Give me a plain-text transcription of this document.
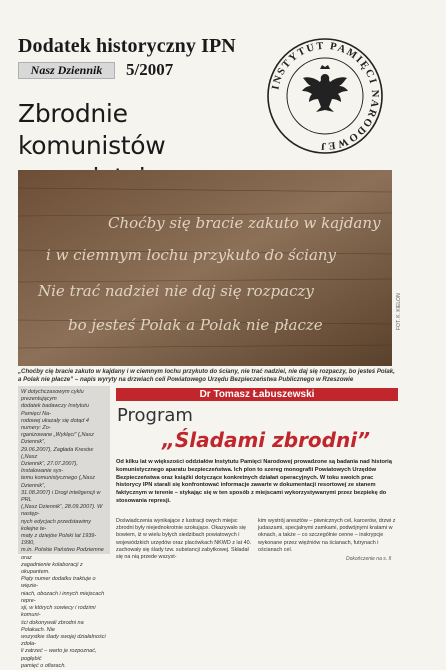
Dodatek historyczny IPN
Nasz Dziennik	5/2007
INSTYTUT PAMIĘCI NARODOWEJ
Zbrodnie komunistów
Choćby się bracie zakuto w kajdany
i w ciemnym lochu przykuto do ściany
Nie trać nadziei nie daj się rozpaczy
bo jesteś Polak a Polak nie płacze	FOT. K. KIELON
„Choćby cię bracie zakuto w kajdany i w ciemnym lochu przykuto do ściany, nie trać nadziei, nie daj się rozpaczy, bo jesteś Polak, a Polak nie płacze” – napis wyryty na drzwiach celi Powiatowego Urzędu Bezpieczeństwa Publicznego w Rzeszowie
W dotychczasowym cyklu prezentującym
dodatek badawczy Instytutu Pamięci Na-
rodowej ukazały się dotąd 4 numery: Zo-
rganizowane „Wyklęci” („Nasz Dziennik”,
29.06.2007), Zagłada Kresów („Nasz
Dziennik”, 27.07.2007), Instalowanie sys-
temu komunistycznego („Nasz Dziennik”,
31.08.2007) i Drogi inteligencji w PRL
(„Nasz Dziennik”, 28.09.2007). W następ-
nych edycjach przedstawimy kolejne te-
maty z dziejów Polski lat 1939-1990,
m.in. Polskie Państwo Podziemne oraz
zagadnienie kolaboracji z okupantem.
Piąty numer dodatku traktuje o więzie-
niach, obozach i innych miejscach repre-
sji, w których sowiecy i rodzimi komuni-
ści dokonywali zbrodni na Polakach. Nie
wszystkie ślady swojej działalności zdoła-
li zatrzeć – warto je rozpoznać, pogłębić
pamięć o ofiarach.
Dr Tomasz Łabuszewski
Program
„Śladami zbrodni”
Od kilku lat w większości oddziałów Instytutu Pamięci Narodowej prowadzone są badania nad historią komunistycznego aparatu bezpieczeństwa. Ich plon to szereg monografii Powiatowych Urzędów Bezpieczeństwa oraz książki dotyczące konkretnych działań operacyjnych. W toku swoich prac historycy IPN starali się konfrontować informacje zawarte w dokumentacji resortowej ze stanem faktycznym w terenie – stykając się w ten sposób z miejscami wykorzystywanymi przez bezpiekę do stosowania represji.
Doświadczenia wynikające z lustracji owych miejsc zbrodni były niejednokrotnie szokujące. Okazywało się bowiem, iż w wielu byłych siedzibach powiatowych i wojewódzkich urzędów oraz placówkach NKWD z lat 40. zachowały się ślady tzw. substancji zabytkowej. Składał się na nią przede wszyst-
kim wystrój aresztów – piwnicznych cel, karcerów, drzwi z judaszami, specjalnymi zamkami, podwójnymi kratami w oknach, a także – co szczególnie cenne – inskrypcje wykonane przez więźniów na ścianach, futrynach i ościanach cel.
Dokończenie na s. II
